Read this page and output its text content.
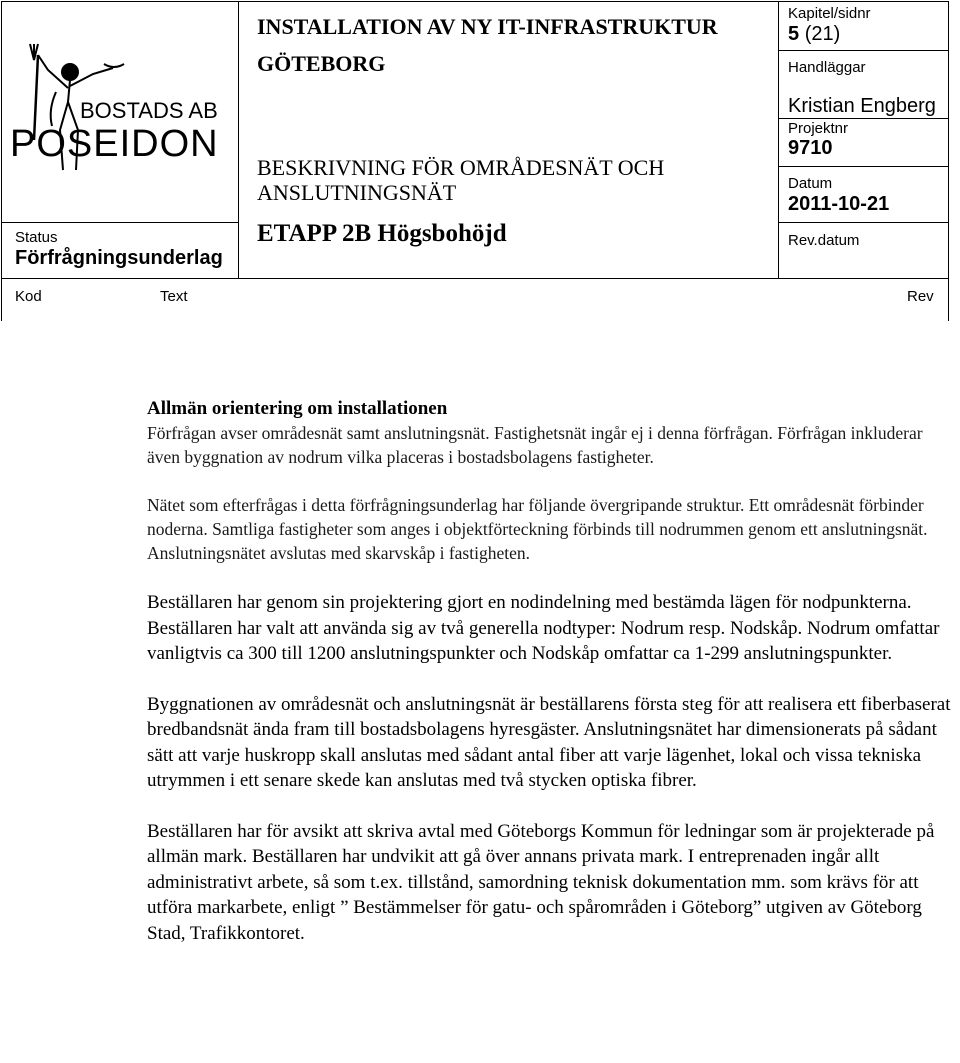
BOSTADS AB
POSEIDON
Status
Förfrågningsunderlag
INSTALLATION AV NY IT-INFRASTRUKTUR
GÖTEBORG
BESKRIVNING FÖR OMRÅDESNÄT OCH ANSLUTNINGSNÄT
ETAPP 2B Högsbohöjd
Kapitel/sidnr
5 (21)
Handläggar
Kristian Engberg
Projektnr
9710
Datum
2011-10-21
Rev.datum
Kod	Text	Rev

Allmän orientering om installationen

Förfrågan avser områdesnät samt anslutningsnät. Fastighetsnät ingår ej i denna förfrågan. Förfrågan inkluderar även byggnation av nodrum vilka placeras i bostadsbolagens fastigheter.

Nätet som efterfrågas i detta förfrågningsunderlag har följande övergripande struktur. Ett områdesnät förbinder noderna. Samtliga fastigheter som anges i objektförteckning förbinds till nodrummen genom ett anslutningsnät. Anslutningsnätet avslutas med skarvskåp i fastigheten.

Beställaren har genom sin projektering gjort en nodindelning med bestämda lägen för nodpunkterna. Beställaren har valt att använda sig av två generella nodtyper: Nodrum resp. Nodskåp. Nodrum omfattar vanligtvis ca 300 till 1200 anslutningspunkter och Nodskåp omfattar ca 1-299 anslutningspunkter.

Byggnationen av områdesnät och anslutningsnät är beställarens första steg för att realisera ett fiberbaserat bredbandsnät ända fram till bostadsbolagens hyresgäster. Anslutningsnätet har dimensionerats på sådant sätt att varje huskropp skall anslutas med sådant antal fiber att varje lägenhet, lokal och vissa tekniska utrymmen i ett senare skede kan anslutas med två stycken optiska fibrer.

Beställaren har för avsikt att skriva avtal med Göteborgs Kommun för ledningar som är projekterade på allmän mark. Beställaren har undvikit att gå över annans privata mark. I entreprenaden ingår allt administrativt arbete, så som t.ex. tillstånd, samordning teknisk dokumentation mm. som krävs för att utföra markarbete, enligt ” Bestämmelser för gatu- och spårområden i Göteborg” utgiven av Göteborg Stad, Trafikkontoret.
